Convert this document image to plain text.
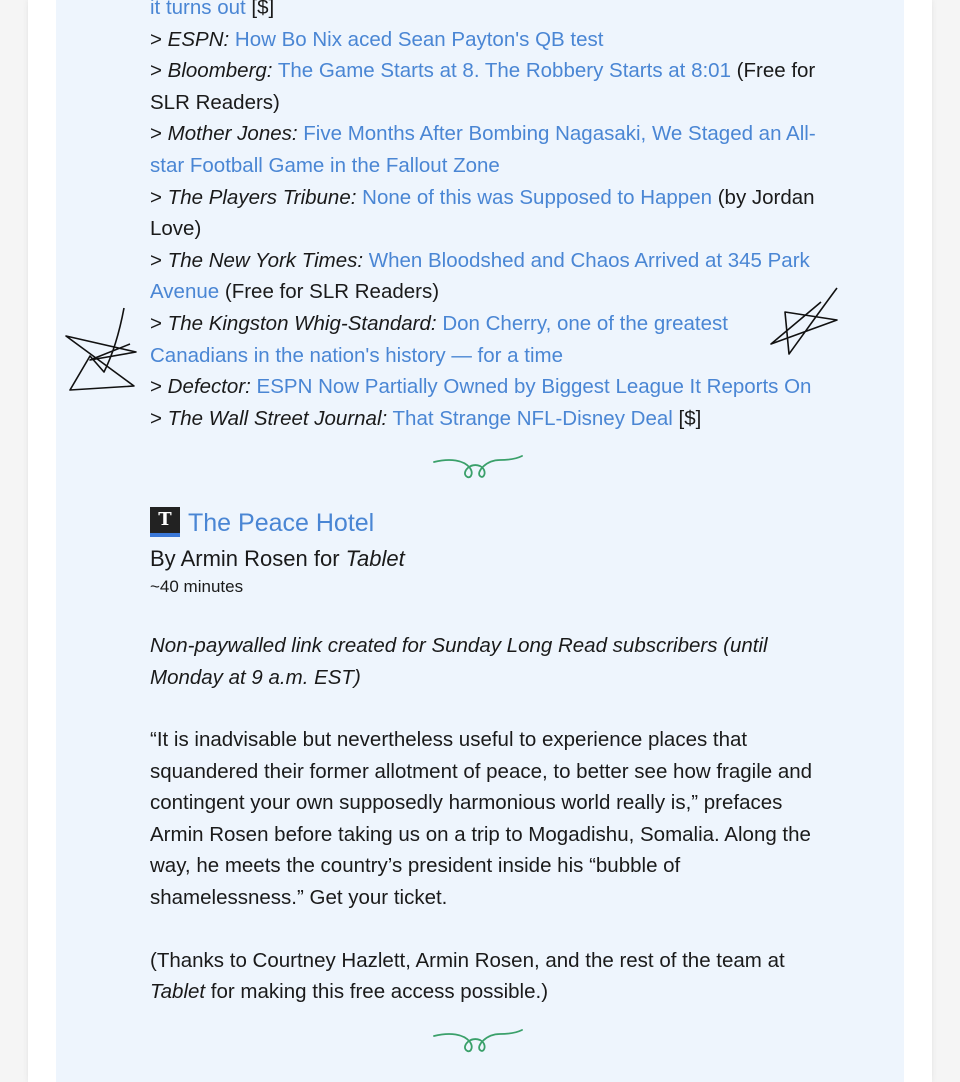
it turns out [$]
> ESPN: How Bo Nix aced Sean Payton's QB test
> Bloomberg: The Game Starts at 8. The Robbery Starts at 8:01 (Free for SLR Readers)
> Mother Jones: Five Months After Bombing Nagasaki, We Staged an All-star Football Game in the Fallout Zone
> The Players Tribune: None of this was Supposed to Happen (by Jordan Love)
> The New York Times: When Bloodshed and Chaos Arrived at 345 Park Avenue (Free for SLR Readers)
> The Kingston Whig-Standard: Don Cherry, one of the greatest Canadians in the nation's history — for a time
> Defector: ESPN Now Partially Owned by Biggest League It Reports On
> The Wall Street Journal: That Strange NFL-Disney Deal [$]
T The Peace Hotel
By Armin Rosen for Tablet
~40 minutes
Non-paywalled link created for Sunday Long Read subscribers (until Monday at 9 a.m. EST)
“It is inadvisable but nevertheless useful to experience places that squandered their former allotment of peace, to better see how fragile and contingent your own supposedly harmonious world really is,” prefaces Armin Rosen before taking us on a trip to Mogadishu, Somalia. Along the way, he meets the country’s president inside his “bubble of shamelessness.” Get your ticket.
(Thanks to Courtney Hazlett, Armin Rosen, and the rest of the team at Tablet for making this free access possible.)
